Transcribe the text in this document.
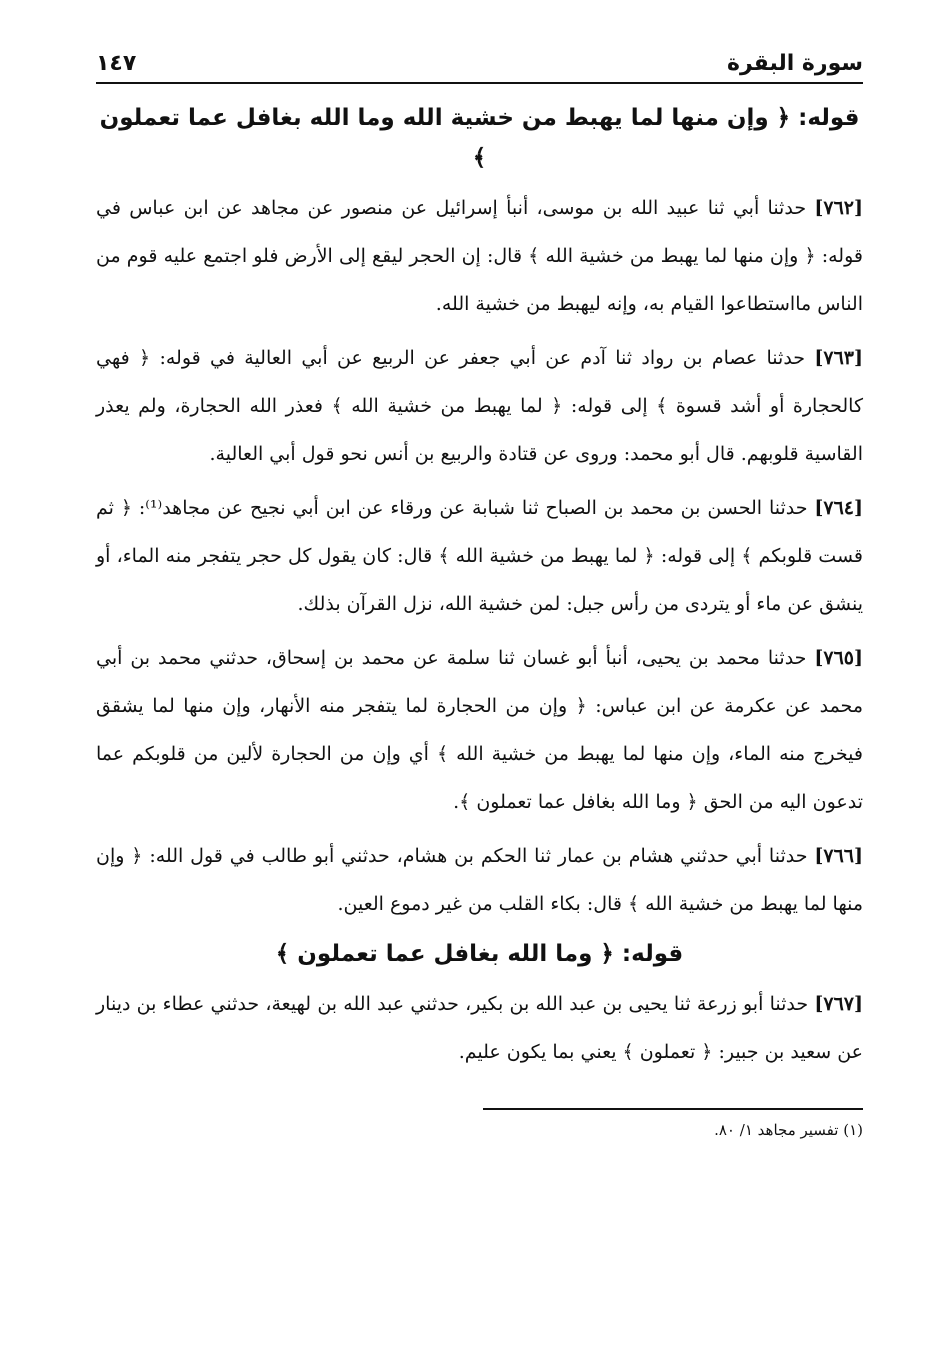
سورة البقرة
١٤٧
قوله: ﴿ وإن منها لما يهبط من خشية الله وما الله بغافل عما تعملون ﴾

[٧٦٢] حدثنا أبي ثنا عبيد الله بن موسى، أنبأ إسرائيل عن منصور عن مجاهد عن ابن عباس في قوله: ﴿ وإن منها لما يهبط من خشية الله ﴾ قال: إن الحجر ليقع إلى الأرض فلو اجتمع عليه قوم من الناس مااستطاعوا القيام به، وإنه ليهبط من خشية الله.

[٧٦٣] حدثنا عصام بن رواد ثنا آدم عن أبي جعفر عن الربيع عن أبي العالية في قوله: ﴿ فهي كالحجارة أو أشد قسوة ﴾ إلى قوله: ﴿ لما يهبط من خشية الله ﴾ فعذر الله الحجارة، ولم يعذر القاسية قلوبهم. قال أبو محمد: وروى عن قتادة والربيع بن أنس نحو قول أبي العالية.

[٧٦٤] حدثنا الحسن بن محمد بن الصباح ثنا شبابة عن ورقاء عن ابن أبي نجيح عن مجاهد⁽¹⁾: ﴿ ثم قست قلوبكم ﴾ إلى قوله: ﴿ لما يهبط من خشية الله ﴾ قال: كان يقول كل حجر يتفجر منه الماء، أو ينشق عن ماء أو يتردى من رأس جبل: لمن خشية الله، نزل القرآن بذلك.

[٧٦٥] حدثنا محمد بن يحيى، أنبأ أبو غسان ثنا سلمة عن محمد بن إسحاق، حدثني محمد بن أبي محمد عن عكرمة عن ابن عباس: ﴿ وإن من الحجارة لما يتفجر منه الأنهار، وإن منها لما يشقق فيخرج منه الماء، وإن منها لما يهبط من خشية الله ﴾ أي وإن من الحجارة لألين من قلوبكم عما تدعون اليه من الحق ﴿ وما الله بغافل عما تعملون ﴾.

[٧٦٦] حدثنا أبي حدثني هشام بن عمار ثنا الحكم بن هشام، حدثني أبو طالب في قول الله: ﴿ وإن منها لما يهبط من خشية الله ﴾ قال: بكاء القلب من غير دموع العين.

قوله: ﴿ وما الله بغافل عما تعملون ﴾

[٧٦٧] حدثنا أبو زرعة ثنا يحيى بن عبد الله بن بكير، حدثني عبد الله بن لهيعة، حدثني عطاء بن دينار عن سعيد بن جبير: ﴿ تعملون ﴾ يعني بما يكون عليم.

(١) تفسير مجاهد ١/ ٨٠.
